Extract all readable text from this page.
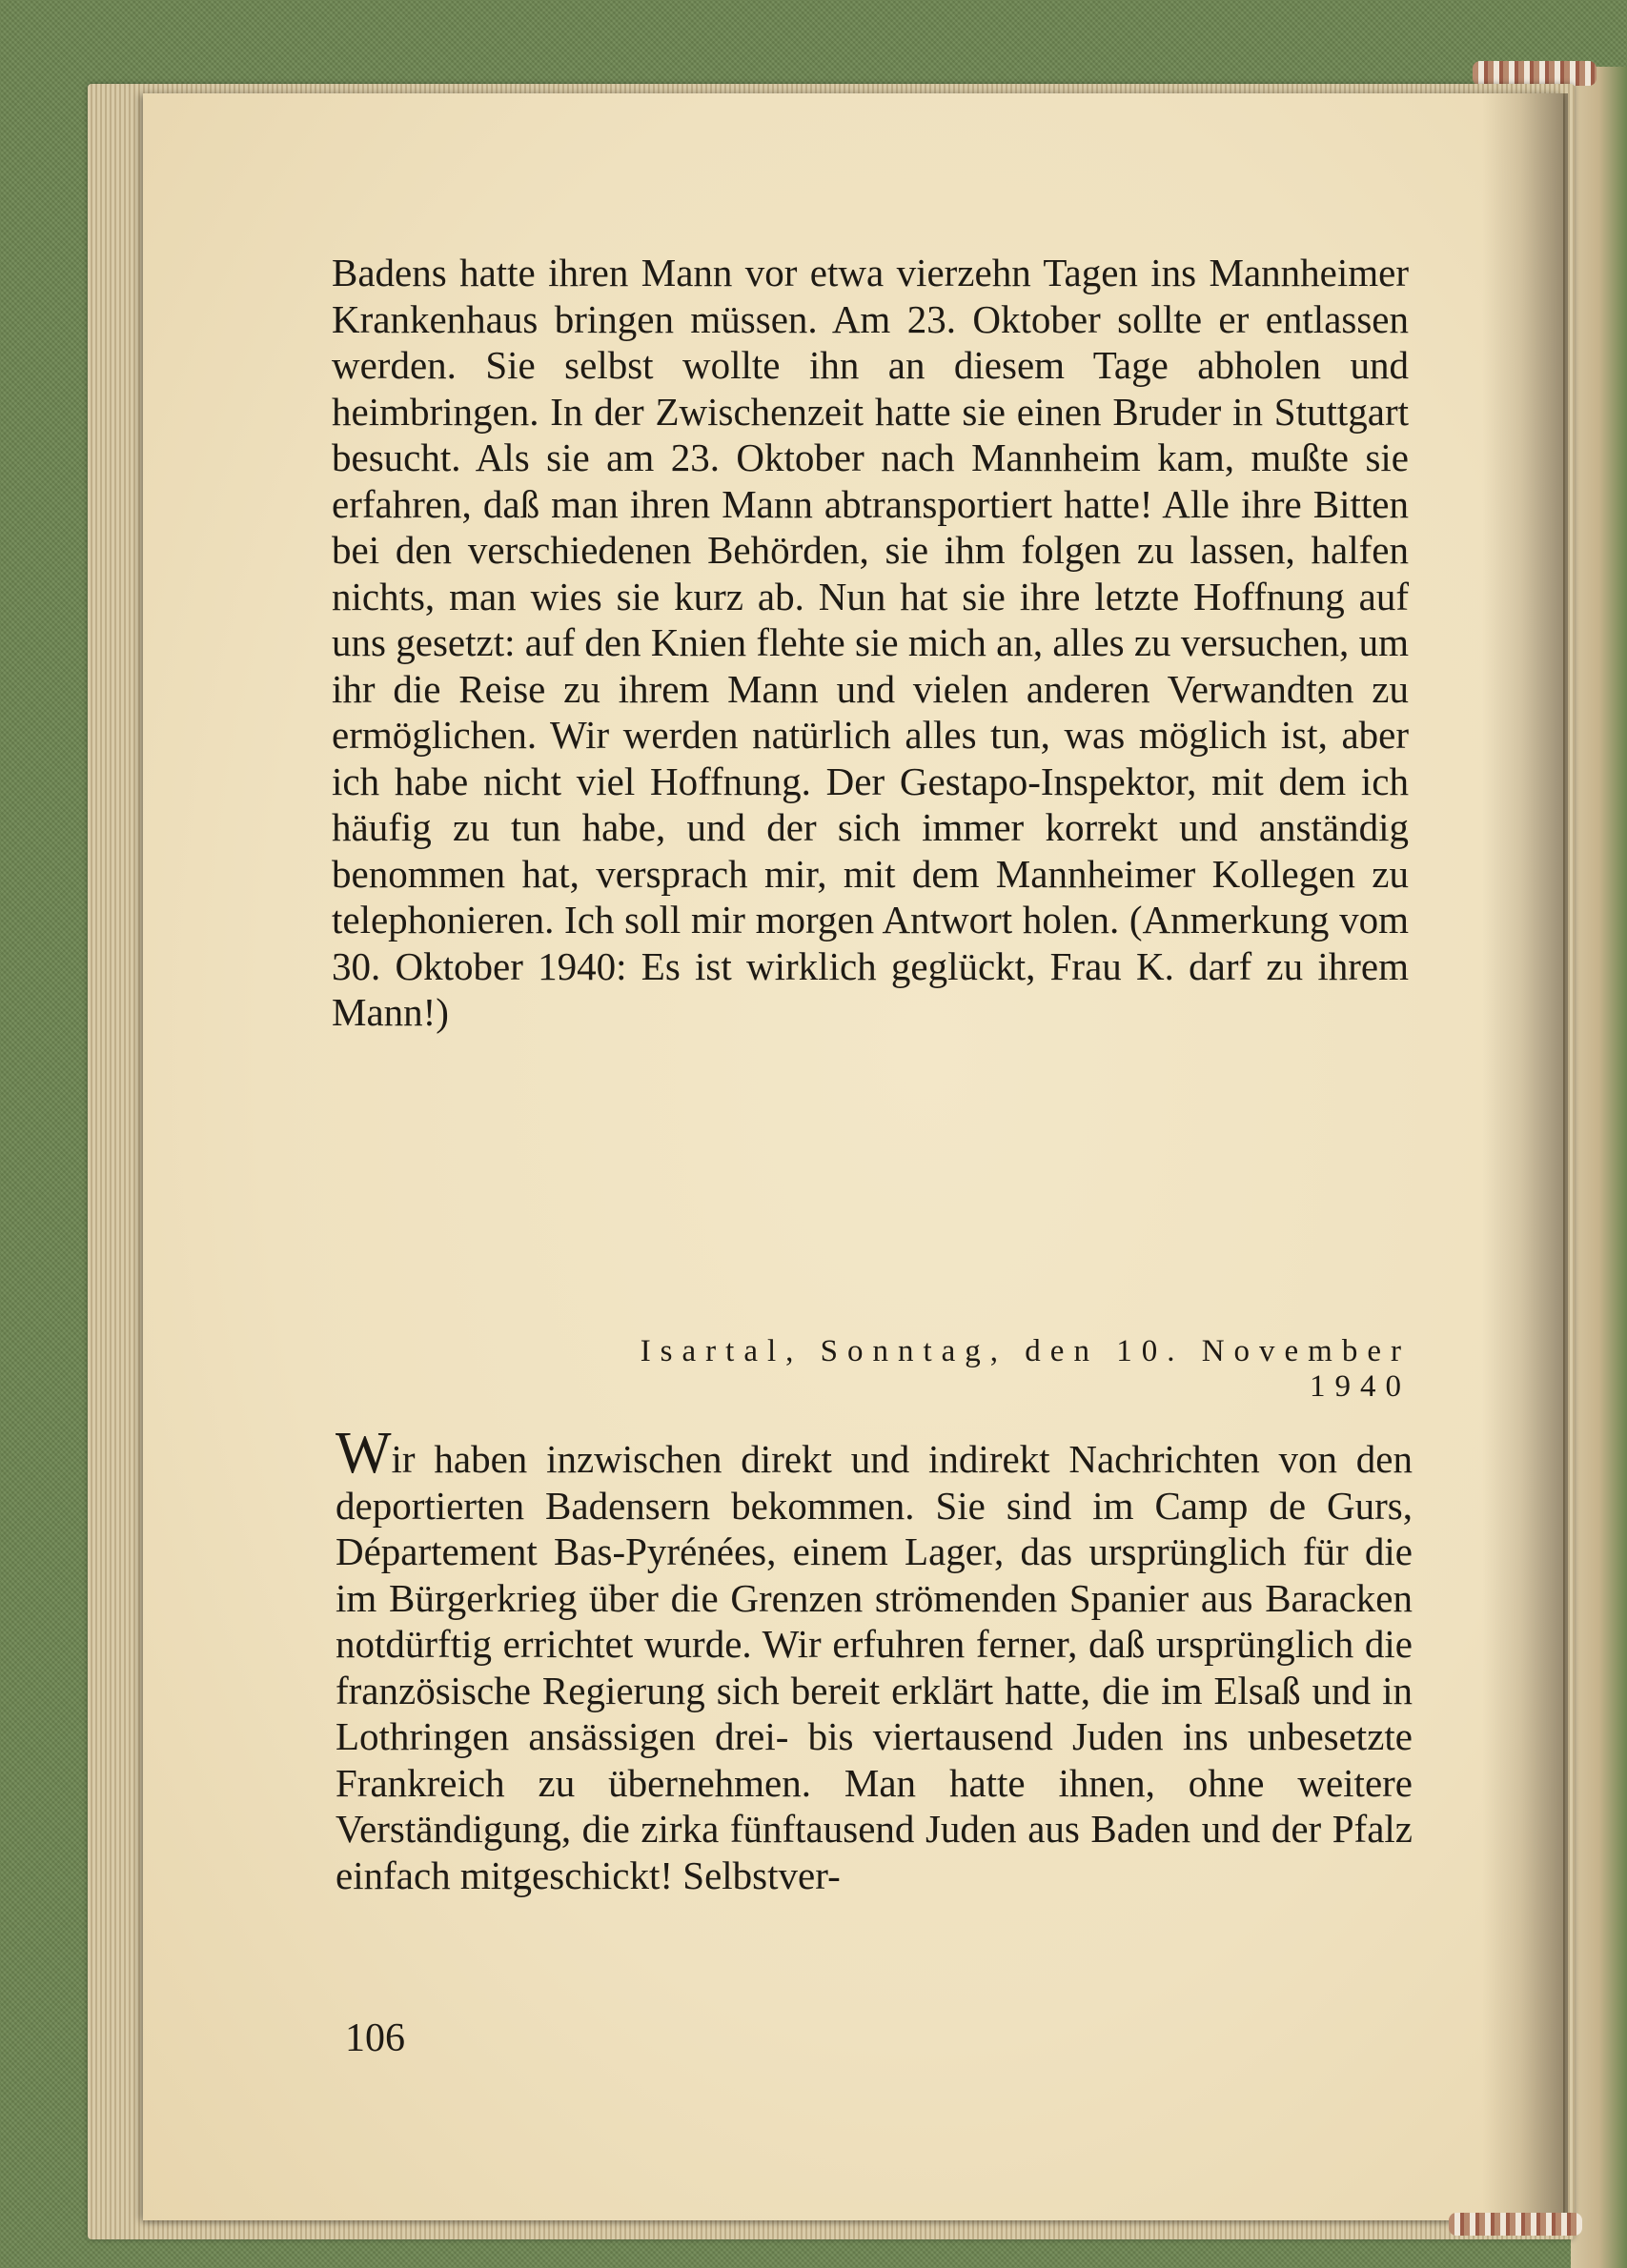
Badens hatte ihren Mann vor etwa vierzehn Tagen ins Mannheimer Krankenhaus bringen müssen. Am 23. Oktober sollte er entlassen werden. Sie selbst wollte ihn an diesem Tage abholen und heimbringen. In der Zwischenzeit hatte sie einen Bruder in Stuttgart besucht. Als sie am 23. Oktober nach Mannheim kam, mußte sie erfahren, daß man ihren Mann abtransportiert hatte! Alle ihre Bitten bei den verschiedenen Behörden, sie ihm folgen zu lassen, halfen nichts, man wies sie kurz ab. Nun hat sie ihre letzte Hoffnung auf uns gesetzt: auf den Knien flehte sie mich an, alles zu versuchen, um ihr die Reise zu ihrem Mann und vielen anderen Verwandten zu ermöglichen. Wir werden natürlich alles tun, was möglich ist, aber ich habe nicht viel Hoffnung. Der Gestapo-Inspektor, mit dem ich häufig zu tun habe, und der sich immer korrekt und anständig benommen hat, versprach mir, mit dem Mannheimer Kollegen zu telephonieren. Ich soll mir morgen Antwort holen. (Anmerkung vom 30. Oktober 1940: Es ist wirklich geglückt, Frau K. darf zu ihrem Mann!)

Isartal, Sonntag, den 10. November 1940
Wir haben inzwischen direkt und indirekt Nachrichten von den deportierten Badensern bekommen. Sie sind im Camp de Gurs, Département Bas-Pyrénées, einem Lager, das ursprünglich für die im Bürgerkrieg über die Grenzen strömenden Spanier aus Baracken notdürftig errichtet wurde. Wir erfuhren ferner, daß ursprünglich die französische Regierung sich bereit erklärt hatte, die im Elsaß und in Lothringen ansässigen drei- bis viertausend Juden ins unbesetzte Frankreich zu übernehmen. Man hatte ihnen, ohne weitere Verständigung, die zirka fünftausend Juden aus Baden und der Pfalz einfach mitgeschickt! Selbstver-
106
